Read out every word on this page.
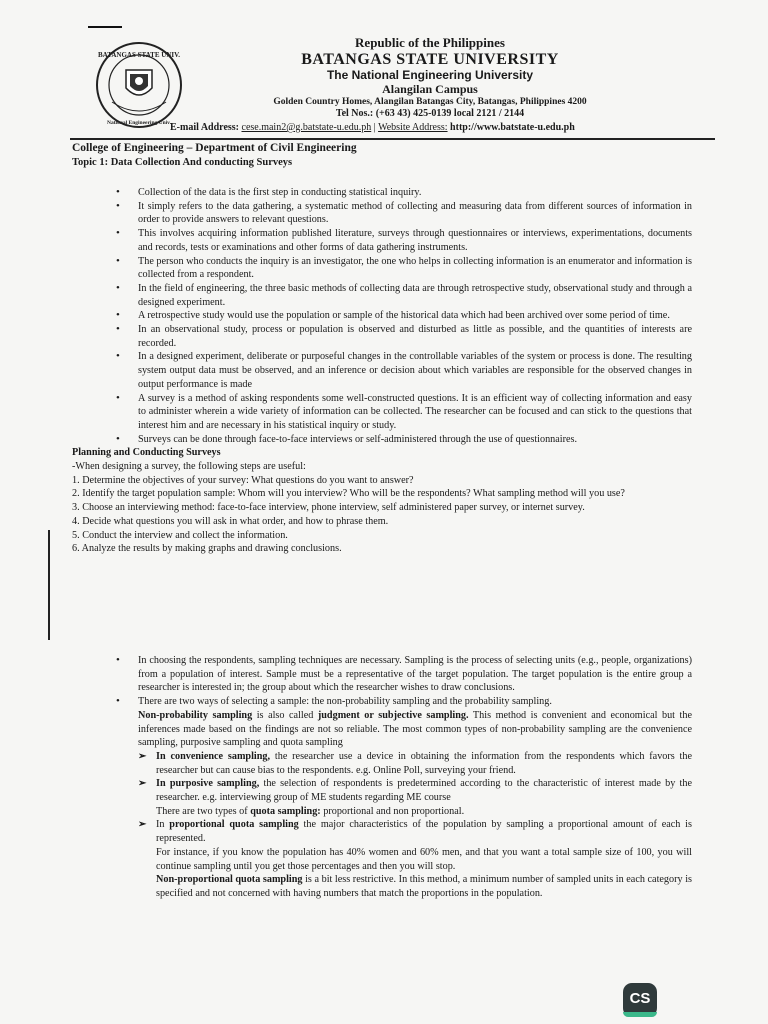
BATANGAS STATE UNIV.
National Engineering Univ.
Republic of the Philippines
BATANGAS STATE UNIVERSITY
The National Engineering University
Alangilan Campus
Golden Country Homes, Alangilan Batangas City, Batangas, Philippines 4200
Tel Nos.: (+63 43) 425-0139 local 2121 / 2144
E-mail Address: cese.main2@g.batstate-u.edu.ph | Website Address: http://www.batstate-u.edu.ph
College of Engineering – Department of Civil Engineering
Topic 1: Data Collection And conducting Surveys
• Collection of the data is the first step in conducting statistical inquiry.
• It simply refers to the data gathering, a systematic method of collecting and measuring data from different sources of information in order to provide answers to relevant questions.
• This involves acquiring information published literature, surveys through questionnaires or interviews, experimentations, documents and records, tests or examinations and other forms of data gathering instruments.
• The person who conducts the inquiry is an investigator, the one who helps in collecting information is an enumerator and information is collected from a respondent.
• In the field of engineering, the three basic methods of collecting data are through retrospective study, observational study and through a designed experiment.
• A retrospective study would use the population or sample of the historical data which had been archived over some period of time.
• In an observational study, process or population is observed and disturbed as little as possible, and the quantities of interests are recorded.
• In a designed experiment, deliberate or purposeful changes in the controllable variables of the system or process is done. The resulting system output data must be observed, and an inference or decision about which variables are responsible for the observed changes in output performance is made
• A survey is a method of asking respondents some well-constructed questions. It is an efficient way of collecting information and easy to administer wherein a wide variety of information can be collected. The researcher can be focused and can stick to the questions that interest him and are necessary in his statistical inquiry or study.
• Surveys can be done through face-to-face interviews or self-administered through the use of questionnaires.
Planning and Conducting Surveys
-When designing a survey, the following steps are useful:
1. Determine the objectives of your survey: What questions do you want to answer?
2. Identify the target population sample: Whom will you interview? Who will be the respondents? What sampling method will you use?
3. Choose an interviewing method: face-to-face interview, phone interview, self administered paper survey, or internet survey.
4. Decide what questions you will ask in what order, and how to phrase them.
5. Conduct the interview and collect the information.
6. Analyze the results by making graphs and drawing conclusions.
• In choosing the respondents, sampling techniques are necessary. Sampling is the process of selecting units (e.g., people, organizations) from a population of interest. Sample must be a representative of the target population. The target population is the entire group a researcher is interested in; the group about which the researcher wishes to draw conclusions.
• There are two ways of selecting a sample: the non-probability sampling and the probability sampling.
Non-probability sampling is also called judgment or subjective sampling. This method is convenient and economical but the inferences made based on the findings are not so reliable. The most common types of non-probability sampling are the convenience sampling, purposive sampling and quota sampling
➢ In convenience sampling, the researcher use a device in obtaining the information from the respondents which favors the researcher but can cause bias to the respondents. e.g. Online Poll, surveying your friend.
➢ In purposive sampling, the selection of respondents is predetermined according to the characteristic of interest made by the researcher. e.g. interviewing group of ME students regarding ME course
There are two types of quota sampling: proportional and non proportional.
➢ In proportional quota sampling the major characteristics of the population by sampling a proportional amount of each is represented.
For instance, if you know the population has 40% women and 60% men, and that you want a total sample size of 100, you will continue sampling until you get those percentages and then you will stop.
Non-proportional quota sampling is a bit less restrictive. In this method, a minimum number of sampled units in each category is specified and not concerned with having numbers that match the proportions in the population.
CS
